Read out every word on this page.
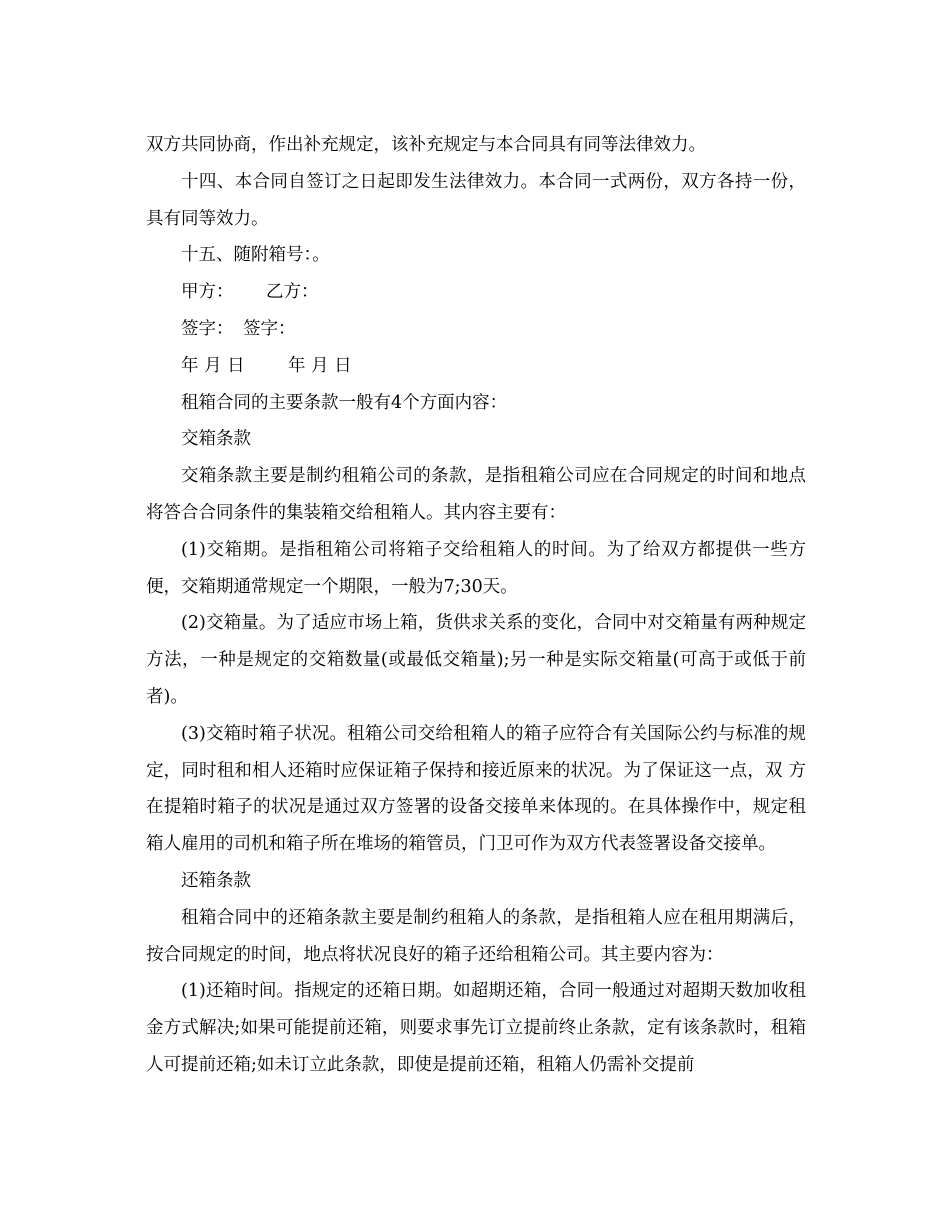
双方共同协商，作出补充规定，该补充规定与本合同具有同等法律效力。

十四、本合同自签订之日起即发生法律效力。本合同一式两份，双方各持一份，具有同等效力。

十五、随附箱号：。

甲方：	乙方：
签字： 签字：
年 月 日	年 月 日

租箱合同的主要条款一般有4个方面内容：

交箱条款

交箱条款主要是制约租箱公司的条款，是指租箱公司应在合同规定的时间和地点将答合合同条件的集装箱交给租箱人。其内容主要有：

(1)交箱期。是指租箱公司将箱子交给租箱人的时间。为了给双方都提供一些方便，交箱期通常规定一个期限，一般为7;30天。

(2)交箱量。为了适应市场上箱，货供求关系的变化，合同中对交箱量有两种规定方法，一种是规定的交箱数量(或最低交箱量);另一种是实际交箱量(可高于或低于前者)。

(3)交箱时箱子状况。租箱公司交给租箱人的箱子应符合有关国际公约与标准的规定，同时租和相人还箱时应保证箱子保持和接近原来的状况。为了保证这一点，双 方在提箱时箱子的状况是通过双方签署的设备交接单来体现的。在具体操作中，规定租箱人雇用的司机和箱子所在堆场的箱管员，门卫可作为双方代表签署设备交接单。

还箱条款

租箱合同中的还箱条款主要是制约租箱人的条款，是指租箱人应在租用期满后，按合同规定的时间，地点将状况良好的箱子还给租箱公司。其主要内容为：

(1)还箱时间。指规定的还箱日期。如超期还箱，合同一般通过对超期天数加收租金方式解决;如果可能提前还箱，则要求事先订立提前终止条款，定有该条款时，租箱人可提前还箱;如未订立此条款，即使是提前还箱，租箱人仍需补交提前
